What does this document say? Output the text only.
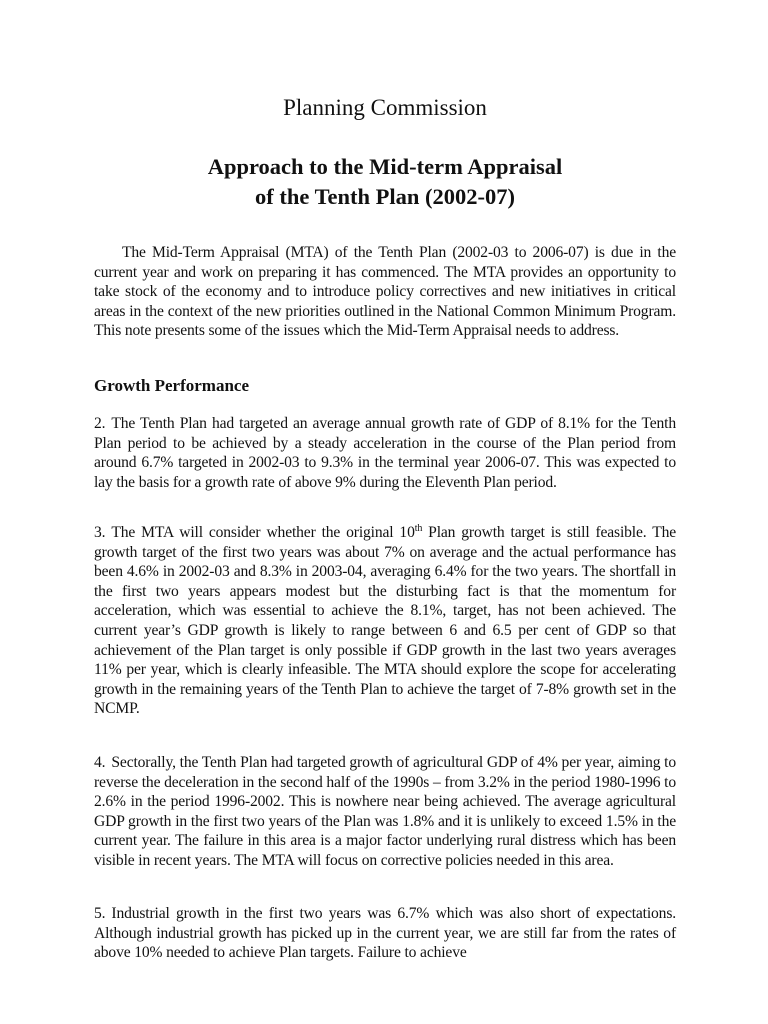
Planning Commission
Approach to the Mid-term Appraisal
of the Tenth Plan (2002-07)

The Mid-Term Appraisal (MTA) of the Tenth Plan (2002-03 to 2006-07) is due in the current year and work on preparing it has commenced. The MTA provides an opportunity to take stock of the economy and to introduce policy correctives and new initiatives in critical areas in the context of the new priorities outlined in the National Common Minimum Program. This note presents some of the issues which the Mid-Term Appraisal needs to address.

Growth Performance

2. The Tenth Plan had targeted an average annual growth rate of GDP of 8.1% for the Tenth Plan period to be achieved by a steady acceleration in the course of the Plan period from around 6.7% targeted in 2002-03 to 9.3% in the terminal year 2006-07. This was expected to lay the basis for a growth rate of above 9% during the Eleventh Plan period.

3. The MTA will consider whether the original 10th Plan growth target is still feasible. The growth target of the first two years was about 7% on average and the actual performance has been 4.6% in 2002-03 and 8.3% in 2003-04, averaging 6.4% for the two years. The shortfall in the first two years appears modest but the disturbing fact is that the momentum for acceleration, which was essential to achieve the 8.1%, target, has not been achieved. The current year’s GDP growth is likely to range between 6 and 6.5 per cent of GDP so that achievement of the Plan target is only possible if GDP growth in the last two years averages 11% per year, which is clearly infeasible. The MTA should explore the scope for accelerating growth in the remaining years of the Tenth Plan to achieve the target of 7-8% growth set in the NCMP.

4. Sectorally, the Tenth Plan had targeted growth of agricultural GDP of 4% per year, aiming to reverse the deceleration in the second half of the 1990s – from 3.2% in the period 1980-1996 to 2.6% in the period 1996-2002. This is nowhere near being achieved. The average agricultural GDP growth in the first two years of the Plan was 1.8% and it is unlikely to exceed 1.5% in the current year. The failure in this area is a major factor underlying rural distress which has been visible in recent years. The MTA will focus on corrective policies needed in this area.

5. Industrial growth in the first two years was 6.7% which was also short of expectations. Although industrial growth has picked up in the current year, we are still far from the rates of above 10% needed to achieve Plan targets. Failure to achieve
